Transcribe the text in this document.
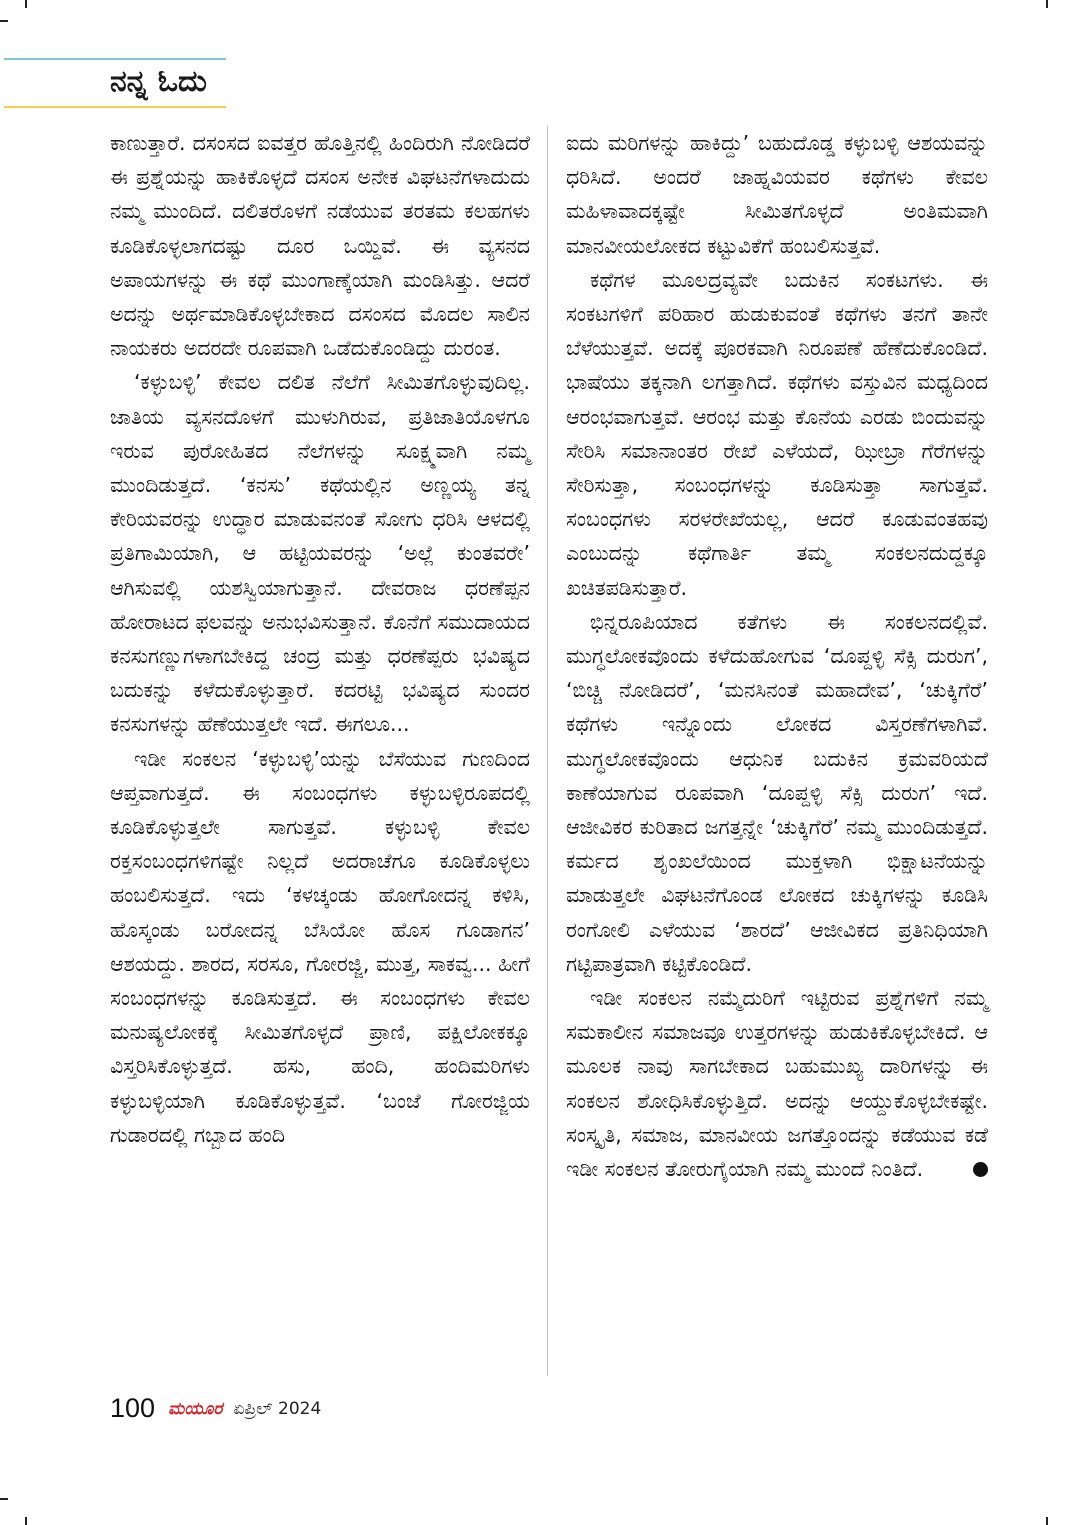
ನನ್ನ ಓದು

ಕಾಣುತ್ತಾರೆ. ದಸಂಸದ ಐವತ್ತರ ಹೊತ್ತಿನಲ್ಲಿ ಹಿಂದಿರುಗಿ ನೋಡಿದರೆ ಈ ಪ್ರಶ್ನೆಯನ್ನು ಹಾಕಿಕೊಳ್ಳದೆ ದಸಂಸ ಅನೇಕ ವಿಘಟನೆಗಳಾದುದು ನಮ್ಮ ಮುಂದಿದೆ. ದಲಿತರೊಳಗೆ ನಡೆಯುವ ತರತಮ ಕಲಹಗಳು ಕೂಡಿಕೊಳ್ಳಲಾಗದಷ್ಟು ದೂರ ಒಯ್ದಿವೆ. ಈ ವ್ಯಸನದ ಅಪಾಯಗಳನ್ನು ಈ ಕಥೆ ಮುಂಗಾಣ್ಕೆಯಾಗಿ ಮಂಡಿಸಿತ್ತು. ಆದರೆ ಅದನ್ನು ಅರ್ಥಮಾಡಿಕೊಳ್ಳಬೇಕಾದ ದಸಂಸದ ಮೊದಲ ಸಾಲಿನ ನಾಯಕರು ಅದರದೇ ರೂಪವಾಗಿ ಒಡೆದುಕೊಂಡಿದ್ದು ದುರಂತ.

‘ಕಳ್ಳುಬಳ್ಳಿ’ ಕೇವಲ ದಲಿತ ನೆಲೆಗೆ ಸೀಮಿತಗೊಳ್ಳುವುದಿಲ್ಲ. ಜಾತಿಯ ವ್ಯಸನದೊಳಗೆ ಮುಳುಗಿರುವ, ಪ್ರತಿಜಾತಿಯೊಳಗೂ ಇರುವ ಪುರೋಹಿತದ ನೆಲೆಗಳನ್ನು ಸೂಕ್ಷ್ಮವಾಗಿ ನಮ್ಮ ಮುಂದಿಡುತ್ತದೆ. ‘ಕನಸು’ ಕಥೆಯಲ್ಲಿನ ಅಣ್ಣಯ್ಯ ತನ್ನ ಕೇರಿಯವರನ್ನು ಉದ್ಧಾರ ಮಾಡುವನಂತೆ ಸೋಗು ಧರಿಸಿ ಆಳದಲ್ಲಿ ಪ್ರತಿಗಾಮಿಯಾಗಿ, ಆ ಹಟ್ಟಿಯವರನ್ನು ‘ಅಲ್ಲೆ ಕುಂತವರೇ’ ಆಗಿಸುವಲ್ಲಿ ಯಶಸ್ವಿಯಾಗುತ್ತಾನೆ. ದೇವರಾಜ ಧರಣೆಪ್ಪನ ಹೋರಾಟದ ಫಲವನ್ನು ಅನುಭವಿಸುತ್ತಾನೆ. ಕೊನೆಗೆ ಸಮುದಾಯದ ಕನಸುಗಣ್ಣುಗಳಾಗಬೇಕಿದ್ದ ಚಂದ್ರ ಮತ್ತು ಧರಣೆಪ್ಪರು ಭವಿಷ್ಯದ ಬದುಕನ್ನು ಕಳೆದುಕೊಳ್ಳುತ್ತಾರೆ. ಕದರಟ್ಟಿ ಭವಿಷ್ಯದ ಸುಂದರ ಕನಸುಗಳನ್ನು ಹೆಣೆಯುತ್ತಲೇ ಇದೆ. ಈಗಲೂ...

ಇಡೀ ಸಂಕಲನ ‘ಕಳ್ಳುಬಳ್ಳಿ’ಯನ್ನು ಬೆಸೆಯುವ ಗುಣದಿಂದ ಆಪ್ತವಾಗುತ್ತದೆ. ಈ ಸಂಬಂಧಗಳು ಕಳ್ಳುಬಳ್ಳಿರೂಪದಲ್ಲಿ ಕೂಡಿಕೊಳ್ಳುತ್ತಲೇ ಸಾಗುತ್ತವೆ. ಕಳ್ಳುಬಳ್ಳಿ ಕೇವಲ ರಕ್ತಸಂಬಂಧಗಳಿಗಷ್ಟೇ ನಿಲ್ಲದೆ ಅದರಾಚೆಗೂ ಕೂಡಿಕೊಳ್ಳಲು ಹಂಬಲಿಸುತ್ತದೆ. ಇದು ‘ಕಳಚ್ಕಂಡು ಹೋಗೋದನ್ನ ಕಳಿಸಿ, ಹೊಸ್ಕಂಡು ಬರೋದನ್ನ ಬೆಸಿಯೋ ಹೊಸ ಗೂಡಾಗನ’ ಆಶಯದ್ದು. ಶಾರದ, ಸರಸೂ, ಗೋರಜ್ಜಿ, ಮುತ್ತ, ಸಾಕವ್ವ... ಹೀಗೆ ಸಂಬಂಧಗಳನ್ನು ಕೂಡಿಸುತ್ತದೆ. ಈ ಸಂಬಂಧಗಳು ಕೇವಲ ಮನುಷ್ಯಲೋಕಕ್ಕೆ ಸೀಮಿತಗೊಳ್ಳದೆ ಪ್ರಾಣಿ, ಪಕ್ಷಿಲೋಕಕ್ಕೂ ವಿಸ್ತರಿಸಿಕೊಳ್ಳುತ್ತದೆ. ಹಸು, ಹಂದಿ, ಹಂದಿಮರಿಗಳು ಕಳ್ಳುಬಳ್ಳಿಯಾಗಿ ಕೂಡಿಕೊಳ್ಳುತ್ತವೆ. ‘ಬಂಜೆ ಗೋರಜ್ಜಿಯ ಗುಡಾರದಲ್ಲಿ ಗಬ್ಬಾದ ಹಂದಿ

ಐದು ಮರಿಗಳನ್ನು ಹಾಕಿದ್ದು’ ಬಹುದೊಡ್ಡ ಕಳ್ಳುಬಳ್ಳಿ ಆಶಯವನ್ನು ಧರಿಸಿದೆ. ಅಂದರೆ ಜಾಹ್ನವಿಯವರ ಕಥೆಗಳು ಕೇವಲ ಮಹಿಳಾವಾದಕ್ಕಷ್ಟೇ ಸೀಮಿತಗೊಳ್ಳದೆ ಅಂತಿಮವಾಗಿ ಮಾನವೀಯಲೋಕದ ಕಟ್ಟುವಿಕೆಗೆ ಹಂಬಲಿಸುತ್ತವೆ.

ಕಥೆಗಳ ಮೂಲದ್ರವ್ಯವೇ ಬದುಕಿನ ಸಂಕಟಗಳು. ಈ ಸಂಕಟಗಳಿಗೆ ಪರಿಹಾರ ಹುಡುಕುವಂತೆ ಕಥೆಗಳು ತನಗೆ ತಾನೇ ಬೆಳೆಯುತ್ತವೆ. ಅದಕ್ಕೆ ಪೂರಕವಾಗಿ ನಿರೂಪಣೆ ಹೆಣೆದುಕೊಂಡಿದೆ. ಭಾಷೆಯು ತಕ್ಕನಾಗಿ ಲಗತ್ತಾಗಿದೆ. ಕಥೆಗಳು ವಸ್ತುವಿನ ಮಧ್ಯದಿಂದ ಆರಂಭವಾಗುತ್ತವೆ. ಆರಂಭ ಮತ್ತು ಕೊನೆಯ ಎರಡು ಬಿಂದುವನ್ನು ಸೇರಿಸಿ ಸಮಾನಾಂತರ ರೇಖೆ ಎಳೆಯದೆ, ಝೀಬ್ರಾ ಗೆರೆಗಳನ್ನು ಸೇರಿಸುತ್ತಾ, ಸಂಬಂಧಗಳನ್ನು ಕೂಡಿಸುತ್ತಾ ಸಾಗುತ್ತವೆ. ಸಂಬಂಧಗಳು ಸರಳರೇಖೆಯಲ್ಲ, ಆದರೆ ಕೂಡುವಂತಹವು ಎಂಬುದನ್ನು ಕಥೆಗಾರ್ತಿ ತಮ್ಮ ಸಂಕಲನದುದ್ದಕ್ಕೂ ಖಚಿತಪಡಿಸುತ್ತಾರೆ.

ಭಿನ್ನರೂಪಿಯಾದ ಕತೆಗಳು ಈ ಸಂಕಲನದಲ್ಲಿವೆ. ಮುಗ್ಧಲೋಕವೊಂದು ಕಳೆದುಹೋಗುವ ‘ದೂಪ್ದಳ್ಳಿ ಸೆಕ್ಸಿ ದುರುಗ’, ‘ಬಿಚ್ಚಿ ನೋಡಿದರೆ’, ‘ಮನಸಿನಂತೆ ಮಹಾದೇವ’, ‘ಚುಕ್ಕಿಗೆರೆ’ ಕಥೆಗಳು ಇನ್ನೊಂದು ಲೋಕದ ವಿಸ್ತರಣೆಗಳಾಗಿವೆ. ಮುಗ್ಧಲೋಕವೊಂದು ಆಧುನಿಕ ಬದುಕಿನ ಕ್ರಮವರಿಯದೆ ಕಾಣೆಯಾಗುವ ರೂಪವಾಗಿ ‘ದೂಪ್ದಳ್ಳಿ ಸೆಕ್ಸಿ ದುರುಗ’ ಇದೆ. ಆಜೀವಿಕರ ಕುರಿತಾದ ಜಗತ್ತನ್ನೇ ‘ಚುಕ್ಕಿಗೆರೆ’ ನಮ್ಮ ಮುಂದಿಡುತ್ತದೆ. ಕರ್ಮದ ಶೃಂಖಲೆಯಿಂದ ಮುಕ್ತಳಾಗಿ ಭಿಕ್ಷಾಟನೆಯನ್ನು ಮಾಡುತ್ತಲೇ ವಿಘಟನೆಗೊಂಡ ಲೋಕದ ಚುಕ್ಕಿಗಳನ್ನು ಕೂಡಿಸಿ ರಂಗೋಲಿ ಎಳೆಯುವ ‘ಶಾರದೆ’ ಆಜೀವಿಕದ ಪ್ರತಿನಿಧಿಯಾಗಿ ಗಟ್ಟಿಪಾತ್ರವಾಗಿ ಕಟ್ಟಿಕೊಂಡಿದೆ.

ಇಡೀ ಸಂಕಲನ ನಮ್ಮೆದುರಿಗೆ ಇಟ್ಟಿರುವ ಪ್ರಶ್ನೆಗಳಿಗೆ ನಮ್ಮ ಸಮಕಾಲೀನ ಸಮಾಜವೂ ಉತ್ತರಗಳನ್ನು ಹುಡುಕಿಕೊಳ್ಳಬೇಕಿದೆ. ಆ ಮೂಲಕ ನಾವು ಸಾಗಬೇಕಾದ ಬಹುಮುಖ್ಯ ದಾರಿಗಳನ್ನು ಈ ಸಂಕಲನ ಶೋಧಿಸಿಕೊಳ್ಳುತ್ತಿದೆ. ಅದನ್ನು ಆಯ್ದುಕೊಳ್ಳಬೇಕಷ್ಟೇ. ಸಂಸ್ಕೃತಿ, ಸಮಾಜ, ಮಾನವೀಯ ಜಗತ್ತೊಂದನ್ನು ಕಡೆಯುವ ಕಡೆ ಇಡೀ ಸಂಕಲನ ತೋರುಗೈಯಾಗಿ ನಮ್ಮ ಮುಂದೆ ನಿಂತಿದೆ.

100 ಮಯೂರ ಏಪ್ರಿಲ್ 2024
